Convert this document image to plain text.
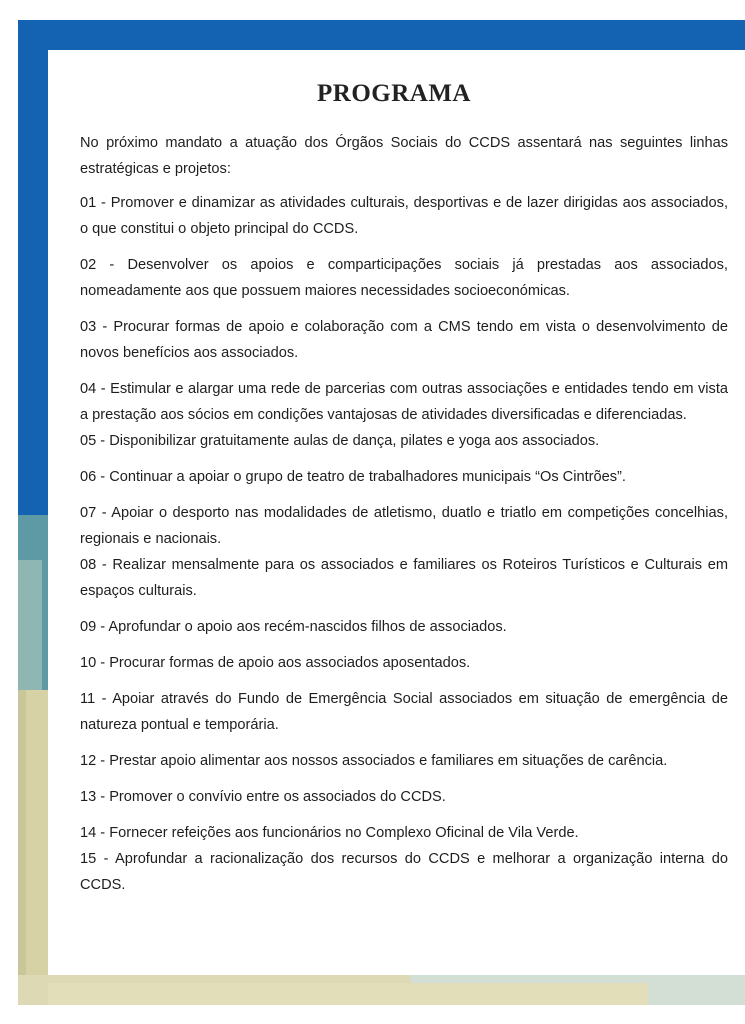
PROGRAMA

No próximo mandato a atuação dos Órgãos Sociais do CCDS assentará nas seguintes linhas estratégicas e projetos:

01 - Promover e dinamizar as atividades culturais, desportivas e de lazer dirigidas aos associados, o que constitui o objeto principal do CCDS.

02 - Desenvolver os apoios e comparticipações sociais já prestadas aos associados, nomeadamente aos que possuem maiores necessidades socioeconómicas.

03 - Procurar formas de apoio e colaboração com a CMS tendo em vista o desenvolvimento de novos benefícios aos associados.

04 - Estimular e alargar uma rede de parcerias com outras associações e entidades tendo em vista a prestação aos sócios em condições vantajosas de atividades diversificadas e diferenciadas.

05 - Disponibilizar gratuitamente aulas de dança, pilates e yoga aos associados.

06 - Continuar a apoiar o grupo de teatro de trabalhadores municipais “Os Cintrões”.

07 - Apoiar o desporto nas modalidades de atletismo, duatlo e triatlo em competições concelhias, regionais e nacionais.

08 - Realizar mensalmente para os associados e familiares os Roteiros Turísticos e Culturais em espaços culturais.

09 - Aprofundar o apoio aos recém-nascidos filhos de associados.

10 - Procurar formas de apoio aos associados aposentados.

11 - Apoiar através do Fundo de Emergência Social associados em situação de emergência de natureza pontual e temporária.

12 - Prestar apoio alimentar aos nossos associados e familiares em situações de carência.

13 - Promover o convívio entre os associados do CCDS.

14 - Fornecer refeições aos funcionários no Complexo Oficinal de Vila Verde.

15 - Aprofundar a racionalização dos recursos do CCDS e melhorar a organização interna do CCDS.
